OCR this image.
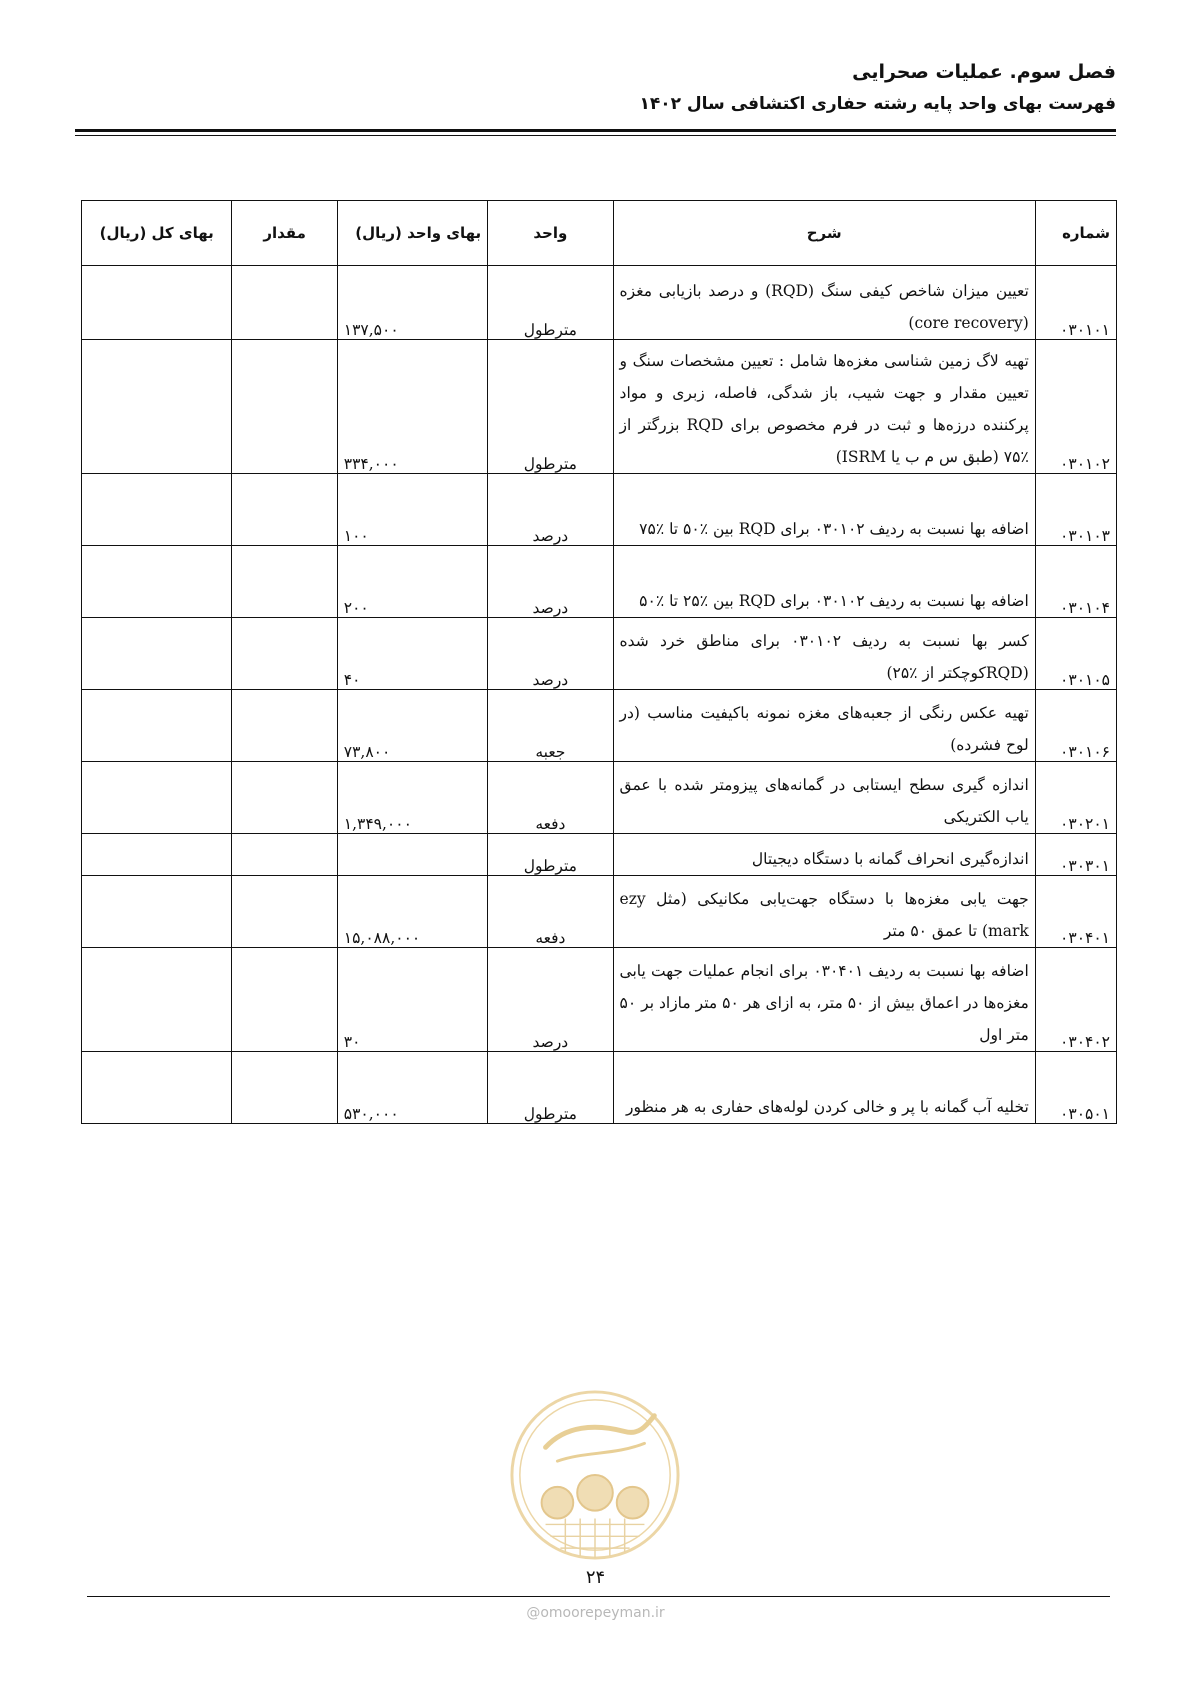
فصل سوم. عملیات صحرایی
فهرست بهای واحد پایه رشته حفاری اکتشافی سال ۱۴۰۲
شماره	شرح	واحد	بهای واحد (ریال)	مقدار	بهای کل (ریال)
۰۳۰۱۰۱	تعیین میزان شاخص کیفی سنگ (RQD) و درصد بازیابی مغزه (core recovery)	مترطول	۱۳۷,۵۰۰		
۰۳۰۱۰۲	تهیه لاگ زمین شناسی مغزه‌ها شامل : تعیین مشخصات سنگ و تعیین مقدار و جهت شیب، باز شدگی، فاصله، زبری و مواد پرکننده درزه‌ها و ثبت در فرم مخصوص برای RQD بزرگتر از ٪۷۵ (طبق س م ب یا ISRM)	مترطول	۳۳۴,۰۰۰		
۰۳۰۱۰۳	اضافه بها نسبت به ردیف ۰۳۰۱۰۲ برای RQD بین ٪۵۰ تا ٪۷۵	درصد	۱۰۰		
۰۳۰۱۰۴	اضافه بها نسبت به ردیف ۰۳۰۱۰۲ برای RQD بین ٪۲۵ تا ٪۵۰	درصد	۲۰۰		
۰۳۰۱۰۵	کسر بها نسبت به ردیف ۰۳۰۱۰۲ برای مناطق خرد شده (RQDکوچکتر از ٪۲۵)	درصد	۴۰		
۰۳۰۱۰۶	تهیه عکس رنگی از جعبه‌های مغزه نمونه باکیفیت مناسب (در لوح فشرده)	جعبه	۷۳,۸۰۰		
۰۳۰۲۰۱	اندازه گیری سطح ایستابی در گمانه‌های پیزومتر شده با عمق یاب الکتریکی	دفعه	۱,۳۴۹,۰۰۰		
۰۳۰۳۰۱	اندازه‌گیری انحراف گمانه با دستگاه دیجیتال	مترطول			
۰۳۰۴۰۱	جهت یابی مغزه‌ها با دستگاه جهت‌یابی مکانیکی (مثل ezy mark) تا عمق ۵۰ متر	دفعه	۱۵,۰۸۸,۰۰۰		
۰۳۰۴۰۲	اضافه بها نسبت به ردیف ۰۳۰۴۰۱ برای انجام عملیات جهت یابی مغزه‌ها در اعماق بیش از ۵۰ متر، به ازای هر ۵۰ متر مازاد بر ۵۰ متر اول	درصد	۳۰		
۰۳۰۵۰۱	تخلیه آب گمانه با پر و خالی کردن لوله‌های حفاری به هر منظور	مترطول	۵۳۰,۰۰۰		
۲۴
@omoorepeyman.ir
